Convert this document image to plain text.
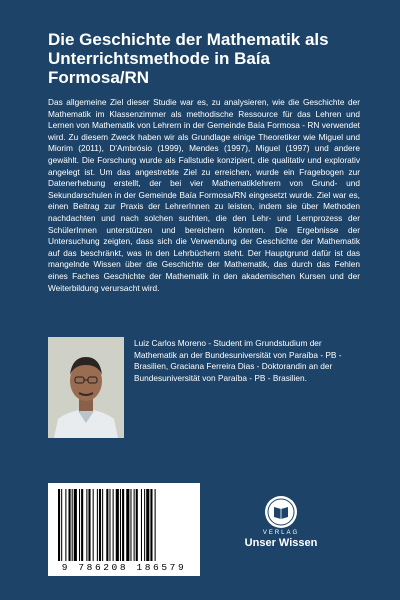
Die Geschichte der Mathematik als Unterrichtsmethode in Baía Formosa/RN

Das allgemeine Ziel dieser Studie war es, zu analysieren, wie die Geschichte der Mathematik im Klassenzimmer als methodische Ressource für das Lehren und Lernen von Mathematik von Lehrern in der Gemeinde Baía Formosa - RN verwendet wird. Zu diesem Zweck haben wir als Grundlage einige Theoretiker wie Miguel und Miorim (2011), D'Ambrósio (1999), Mendes (1997), Miguel (1997) und andere gewählt. Die Forschung wurde als Fallstudie konzipiert, die qualitativ und explorativ angelegt ist. Um das angestrebte Ziel zu erreichen, wurde ein Fragebogen zur Datenerhebung erstellt, der bei vier Mathematiklehrern von Grund- und Sekundarschulen in der Gemeinde Baía Formosa/RN eingesetzt wurde. Ziel war es, einen Beitrag zur Praxis der LehrerInnen zu leisten, indem sie über Methoden nachdachten und nach solchen suchten, die den Lehr- und Lernprozess der SchülerInnen unterstützen und bereichern könnten. Die Ergebnisse der Untersuchung zeigten, dass sich die Verwendung der Geschichte der Mathematik auf das beschränkt, was in den Lehrbüchern steht. Der Hauptgrund dafür ist das mangelnde Wissen über die Geschichte der Mathematik, das durch das Fehlen eines Faches Geschichte der Mathematik in den akademischen Kursen und der Weiterbildung verursacht wird.

Luiz Carlos Moreno - Student im Grundstudium der Mathematik an der Bundesuniversität von Paraíba - PB - Brasilien, Graciana Ferreira Dias - Doktorandin an der Bundesuniversität von Paraíba - PB - Brasilien.

9 786208 186579
VERLAG
Unser Wissen
